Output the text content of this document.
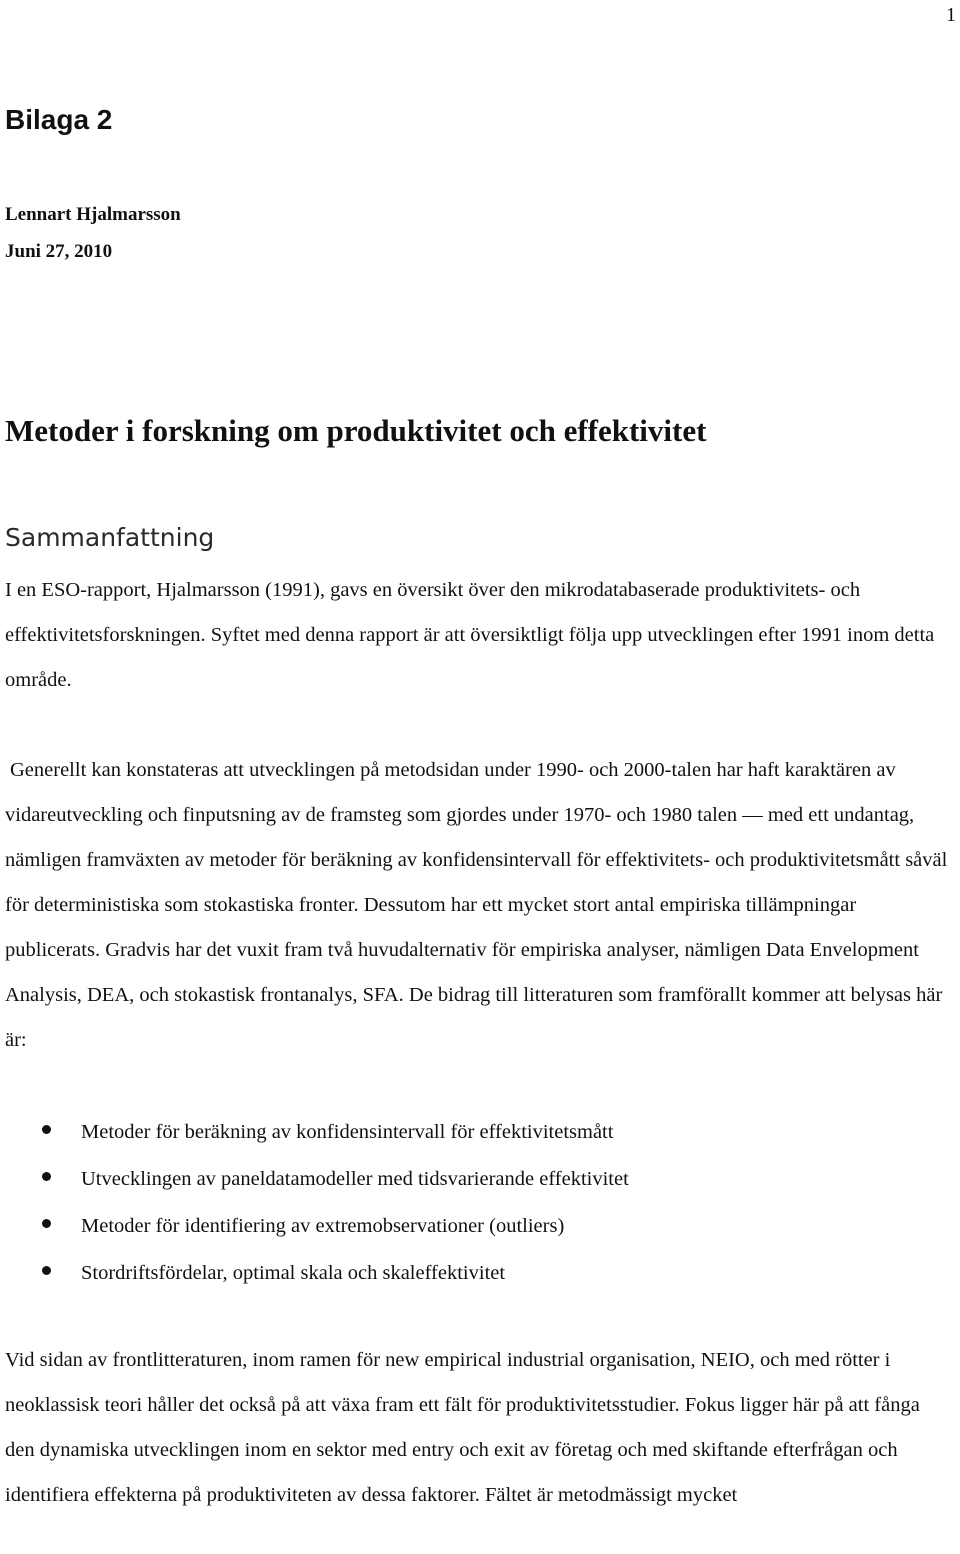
1
Bilaga 2

Lennart Hjalmarsson

Juni 27, 2010

Metoder i forskning om produktivitet och effektivitet
Sammanfattning

I en ESO-rapport, Hjalmarsson (1991), gavs en översikt över den mikrodatabaserade produktivitets- och effektivitetsforskningen. Syftet med denna rapport är att översiktligt följa upp utvecklingen efter 1991 inom detta område.

Generellt kan konstateras att utvecklingen på metodsidan under 1990- och 2000-talen har haft karaktären av vidareutveckling och finputsning av de framsteg som gjordes under 1970- och 1980 talen — med ett undantag, nämligen framväxten av metoder för beräkning av konfidensintervall för effektivitets- och produktivitetsmått såväl för deterministiska som stokastiska fronter. Dessutom har ett mycket stort antal empiriska tillämpningar publicerats. Gradvis har det vuxit fram två huvudalternativ för empiriska analyser, nämligen Data Envelopment Analysis, DEA, och stokastisk frontanalys, SFA. De bidrag till litteraturen som framförallt kommer att belysas här är:

Metoder för beräkning av konfidensintervall för effektivitetsmått
Utvecklingen av paneldatamodeller med tidsvarierande effektivitet
Metoder för identifiering av extremobservationer (outliers)
Stordriftsfördelar, optimal skala och skaleffektivitet

Vid sidan av frontlitteraturen, inom ramen för new empirical industrial organisation, NEIO, och med rötter i neoklassisk teori håller det också på att växa fram ett fält för produktivitetsstudier. Fokus ligger här på att fånga den dynamiska utvecklingen inom en sektor med entry och exit av företag och med skiftande efterfrågan och identifiera effekterna på produktiviteten av dessa faktorer. Fältet är metodmässigt mycket
